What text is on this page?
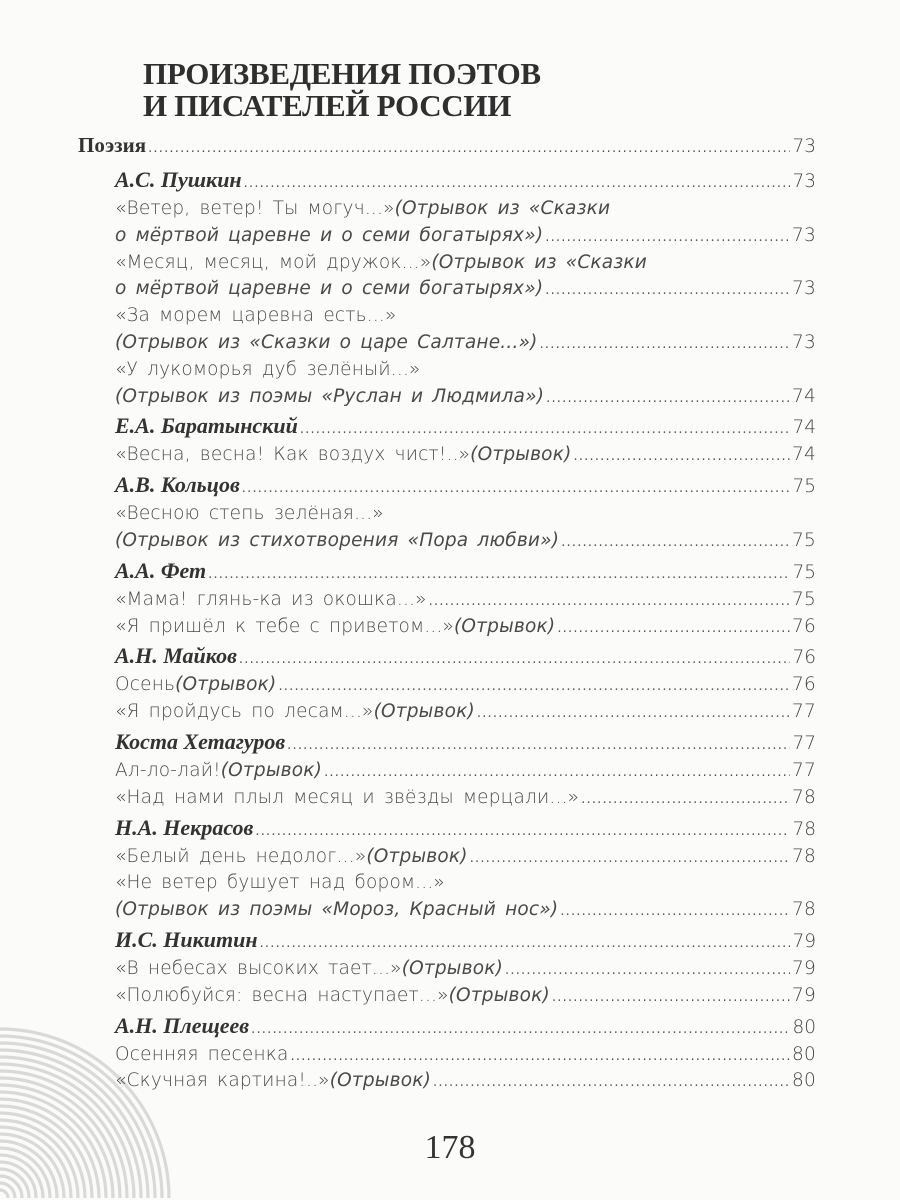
ПРОИЗВЕДЕНИЯ ПОЭТОВ
И ПИСАТЕЛЕЙ РОССИИ
Поэзия .....	73
А.С. Пушкин .....	73
«Ветер, ветер! Ты могуч...» (Отрывок из «Сказки
о мёртвой царевне и о семи богатырях») .....	73
«Месяц, месяц, мой дружок...» (Отрывок из «Сказки
о мёртвой царевне и о семи богатырях») .....	73
«За морем царевна есть...»
(Отрывок из «Сказки о царе Салтане...») .....	73
«У лукоморья дуб зелёный...»
(Отрывок из поэмы «Руслан и Людмила») .....	74
Е.А. Баратынский .....	74
«Весна, весна! Как воздух чист!..» (Отрывок) .....	74
А.В. Кольцов .....	75
«Весною степь зелёная...»
(Отрывок из стихотворения «Пора любви») .....	75
А.А. Фет .....	75
«Мама! глянь-ка из окошка...» .....	75
«Я пришёл к тебе с приветом...» (Отрывок) .....	76
А.Н. Майков .....	76
Осень (Отрывок) .....	76
«Я пройдусь по лесам...» (Отрывок) .....	77
Коста Хетагуров .....	77
Ал-ло-лай! (Отрывок) .....	77
«Над нами плыл месяц и звёзды мерцали...» .....	78
Н.А. Некрасов .....	78
«Белый день недолог...» (Отрывок) .....	78
«Не ветер бушует над бором...»
(Отрывок из поэмы «Мороз, Красный нос») .....	78
И.С. Никитин .....	79
«В небесах высоких тает...» (Отрывок) .....	79
«Полюбуйся: весна наступает...» (Отрывок) .....	79
А.Н. Плещеев .....	80
Осенняя песенка .....	80
«Скучная картина!..» (Отрывок) .....	80
178
